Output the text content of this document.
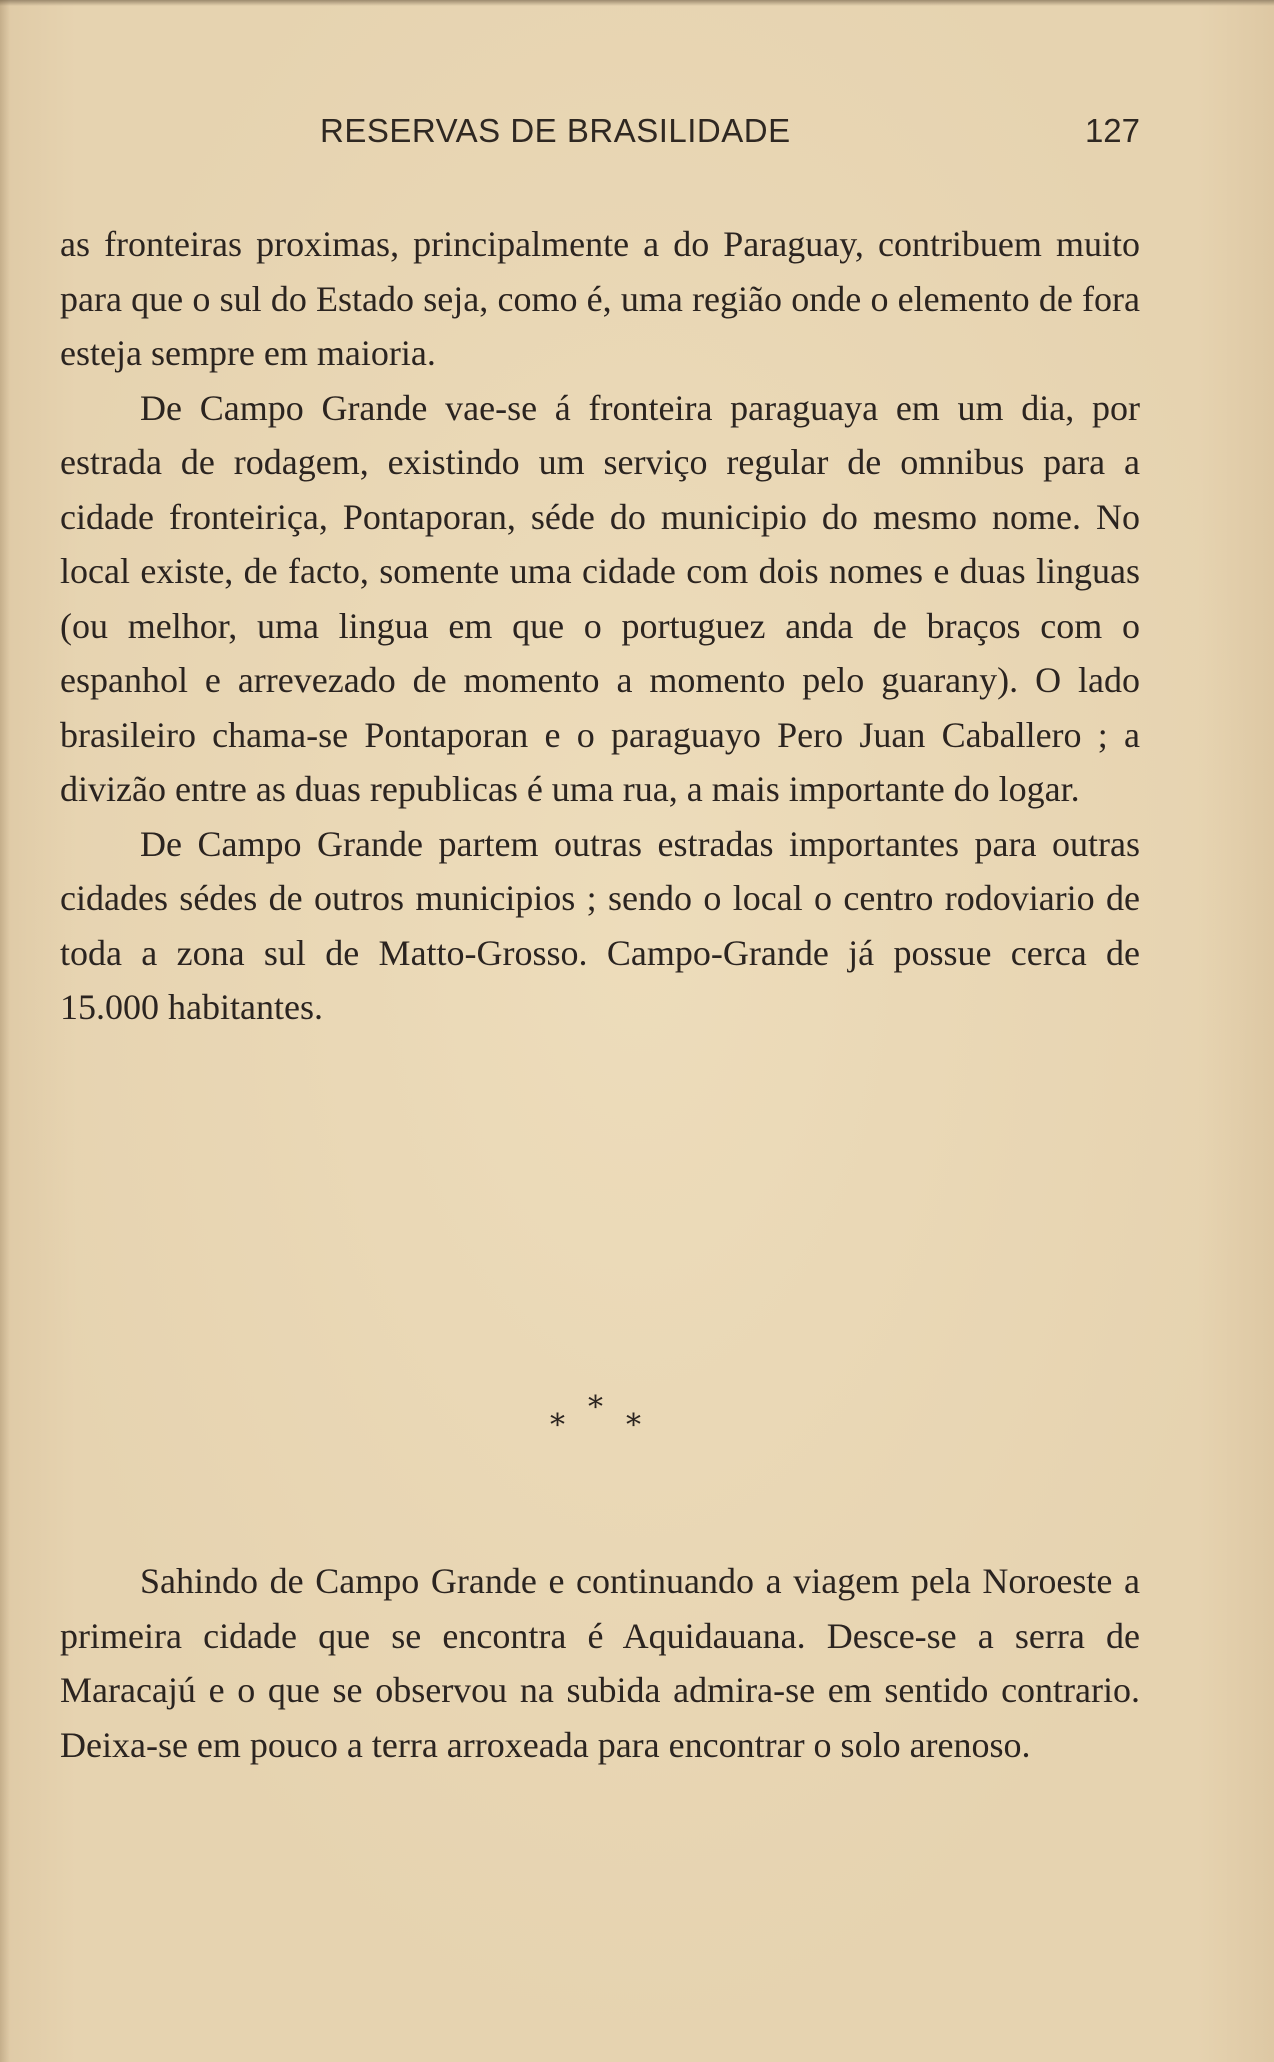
RESERVAS DE BRASILIDADE	127

as fronteiras proximas, principalmente a do Paraguay, contribuem muito para que o sul do Estado seja, como é, uma região onde o elemento de fora esteja sempre em maioria.

De Campo Grande vae-se á fronteira paraguaya em um dia, por estrada de rodagem, existindo um serviço regular de omnibus para a cidade fronteiriça, Pontaporan, séde do municipio do mesmo nome. No local existe, de facto, somente uma cidade com dois nomes e duas linguas (ou melhor, uma lingua em que o portuguez anda de braços com o espanhol e arrevezado de momento a momento pelo guarany). O lado brasileiro chama-se Pontaporan e o paraguayo Pero Juan Caballero ; a divizão entre as duas republicas é uma rua, a mais importante do logar.

De Campo Grande partem outras estradas importantes para outras cidades sédes de outros municipios ; sendo o local o centro rodoviario de toda a zona sul de Matto-Grosso. Campo-Grande já possue cerca de 15.000 habitantes.

*
* *

Sahindo de Campo Grande e continuando a viagem pela Noroeste a primeira cidade que se encontra é Aquidauana. Desce-se a serra de Maracajú e o que se observou na subida admira-se em sentido contrario. Deixa-se em pouco a terra arroxeada para encontrar o solo arenoso.
